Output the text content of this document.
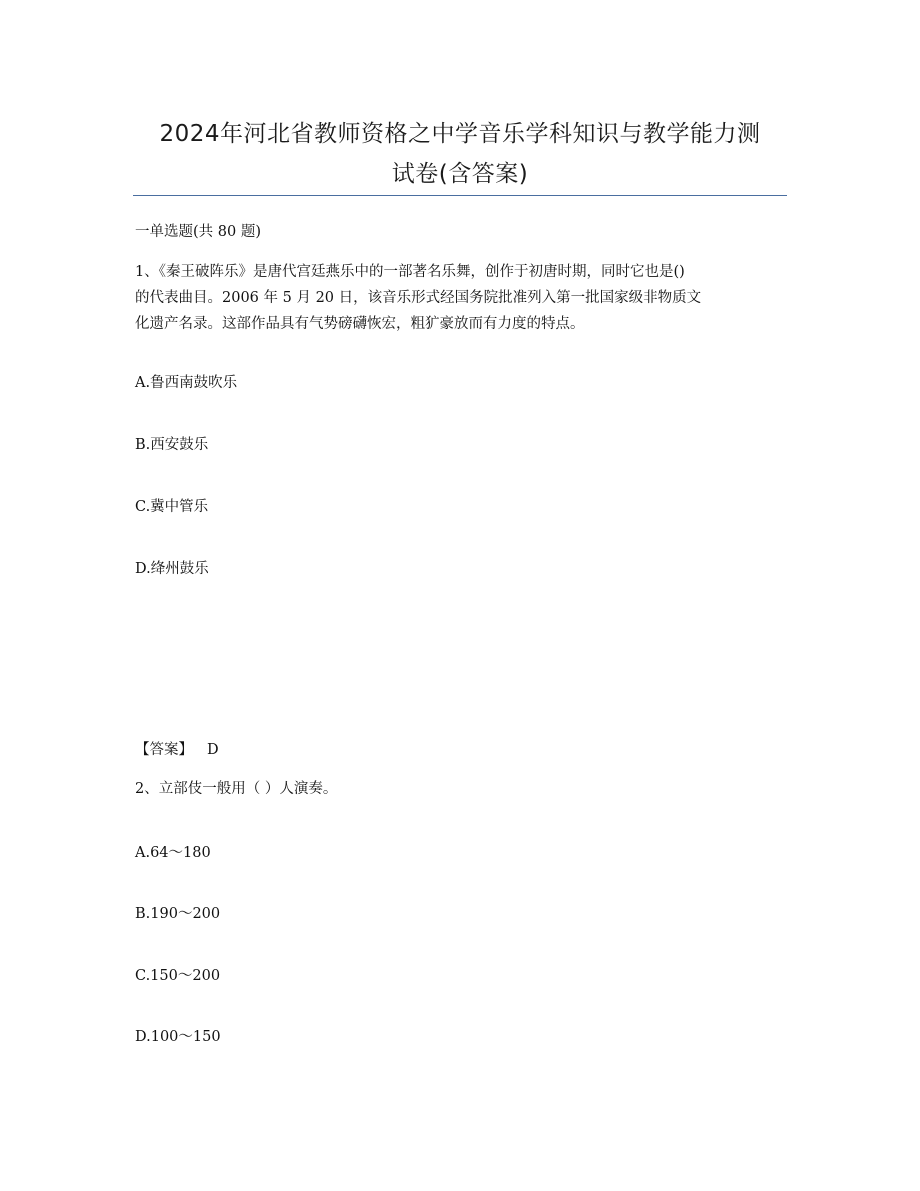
2024年河北省教师资格之中学音乐学科知识与教学能力测
试卷(含答案)
一单选题(共 80 题)
1、《秦王破阵乐》是唐代宫廷燕乐中的一部著名乐舞，创作于初唐时期，同时它也是()
的代表曲目。2006 年 5 月 20 日，该音乐形式经国务院批准列入第一批国家级非物质文
化遗产名录。这部作品具有气势磅礴恢宏，粗犷豪放而有力度的特点。
A.鲁西南鼓吹乐
B.西安鼓乐
C.冀中管乐
D.绛州鼓乐
【答案】 D
2、立部伎一般用（ ）人演奏。
A.64～180
B.190～200
C.150～200
D.100～150
